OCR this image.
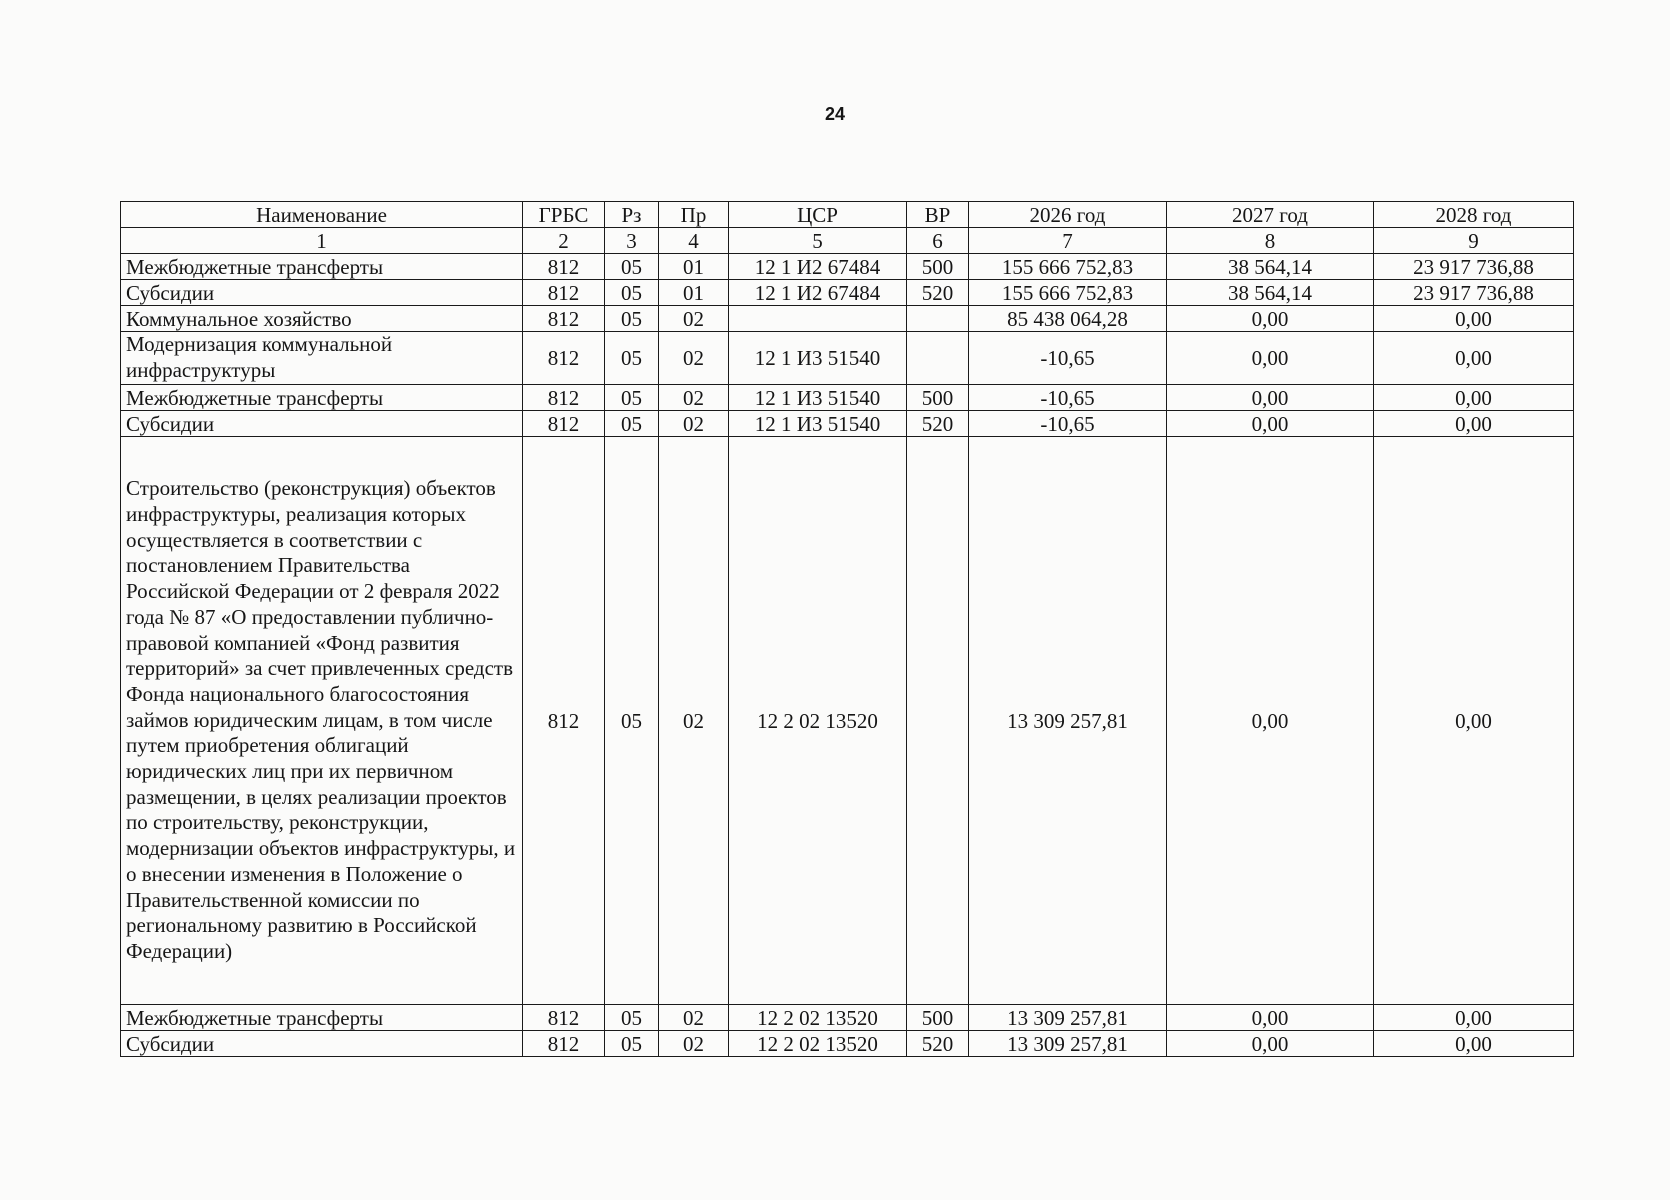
24
Наименование	ГРБС	Рз	Пр	ЦСР	ВР	2026 год	2027 год	2028 год
1	2	3	4	5	6	7	8	9
Межбюджетные трансферты	812	05	01	12 1 И2 67484	500	155 666 752,83	38 564,14	23 917 736,88
Субсидии	812	05	01	12 1 И2 67484	520	155 666 752,83	38 564,14	23 917 736,88
Коммунальное хозяйство	812	05	02			85 438 064,28	0,00	0,00
Модернизация коммунальной инфраструктуры	812	05	02	12 1 И3 51540		-10,65	0,00	0,00
Межбюджетные трансферты	812	05	02	12 1 И3 51540	500	-10,65	0,00	0,00
Субсидии	812	05	02	12 1 И3 51540	520	-10,65	0,00	0,00
Строительство (реконструкция) объектов инфраструктуры, реализация которых осуществляется в соответствии с постановлением Правительства Российской Федерации от 2 февраля 2022 года № 87 «О предоставлении публично-правовой компанией «Фонд развития территорий» за счет привлеченных средств Фонда национального благосостояния займов юридическим лицам, в том числе путем приобретения облигаций юридических лиц при их первичном размещении, в целях реализации проектов по строительству, реконструкции, модернизации объектов инфраструктуры, и о внесении изменения в Положение о Правительственной комиссии по региональному развитию в Российской Федерации)	812	05	02	12 2 02 13520		13 309 257,81	0,00	0,00
Межбюджетные трансферты	812	05	02	12 2 02 13520	500	13 309 257,81	0,00	0,00
Субсидии	812	05	02	12 2 02 13520	520	13 309 257,81	0,00	0,00
